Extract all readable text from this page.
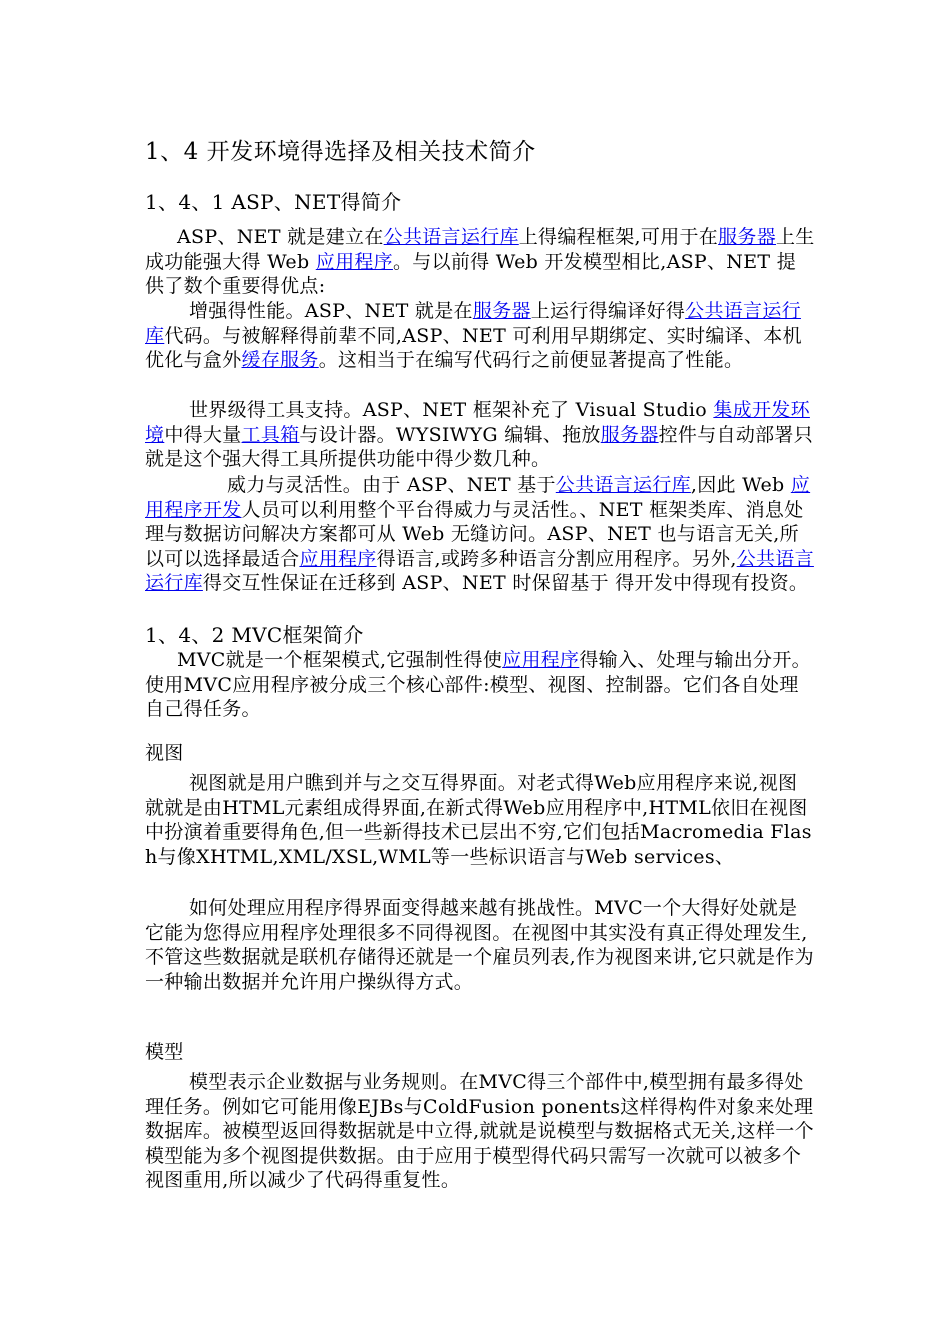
1、4 开发环境得选择及相关技术简介
1、4、1 ASP、NET得简介
ASP、NET 就是建立在公共语言运行库上得编程框架,可用于在服务器上生成功能强大得 Web 应用程序。与以前得 Web 开发模型相比,ASP、NET 提供了数个重要得优点:
增强得性能。ASP、NET 就是在服务器上运行得编译好得公共语言运行库代码。与被解释得前辈不同,ASP、NET 可利用早期绑定、实时编译、本机优化与盒外缓存服务。这相当于在编写代码行之前便显著提高了性能。
世界级得工具支持。ASP、NET 框架补充了 Visual Studio 集成开发环境中得大量工具箱与设计器。WYSIWYG 编辑、拖放服务器控件与自动部署只就是这个强大得工具所提供功能中得少数几种。
威力与灵活性。由于 ASP、NET 基于公共语言运行库,因此 Web 应用程序开发人员可以利用整个平台得威力与灵活性。、NET 框架类库、消息处理与数据访问解决方案都可从 Web 无缝访问。ASP、NET 也与语言无关,所以可以选择最适合应用程序得语言,或跨多种语言分割应用程序。另外,公共语言运行库得交互性保证在迁移到 ASP、NET 时保留基于 得开发中得现有投资。
1、4、2 MVC框架简介
MVC就是一个框架模式,它强制性得使应用程序得输入、处理与输出分开。使用MVC应用程序被分成三个核心部件:模型、视图、控制器。它们各自处理自己得任务。
视图
视图就是用户瞧到并与之交互得界面。对老式得Web应用程序来说,视图就就是由HTML元素组成得界面,在新式得Web应用程序中,HTML依旧在视图中扮演着重要得角色,但一些新得技术已层出不穷,它们包括Macromedia Flash与像XHTML,XML/XSL,WML等一些标识语言与Web services、
如何处理应用程序得界面变得越来越有挑战性。MVC一个大得好处就是它能为您得应用程序处理很多不同得视图。在视图中其实没有真正得处理发生,不管这些数据就是联机存储得还就是一个雇员列表,作为视图来讲,它只就是作为一种输出数据并允许用户操纵得方式。
模型
模型表示企业数据与业务规则。在MVC得三个部件中,模型拥有最多得处理任务。例如它可能用像EJBs与ColdFusion ponents这样得构件对象来处理数据库。被模型返回得数据就是中立得,就就是说模型与数据格式无关,这样一个模型能为多个视图提供数据。由于应用于模型得代码只需写一次就可以被多个视图重用,所以减少了代码得重复性。
